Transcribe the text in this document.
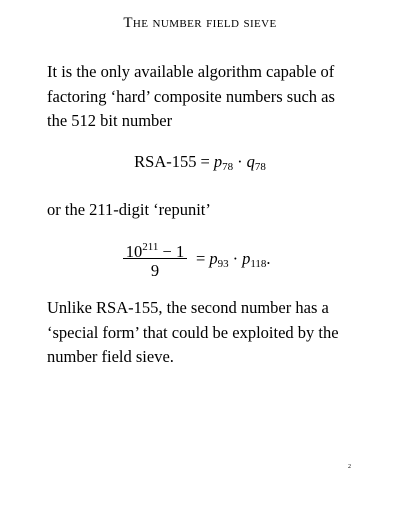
The number field sieve
It is the only available algorithm capable of
factoring ‘hard’ composite numbers such as
the 512 bit number
$RSA-155 = p_{78} \cdot q_{78}$
or the 211-digit ‘repunit’
$10^{211} - 1$
9
= $p_{93} \cdot p_{118}$.
Unlike RSA-155, the second number has a
‘special form’ that could be exploited by the
number field sieve.
2
